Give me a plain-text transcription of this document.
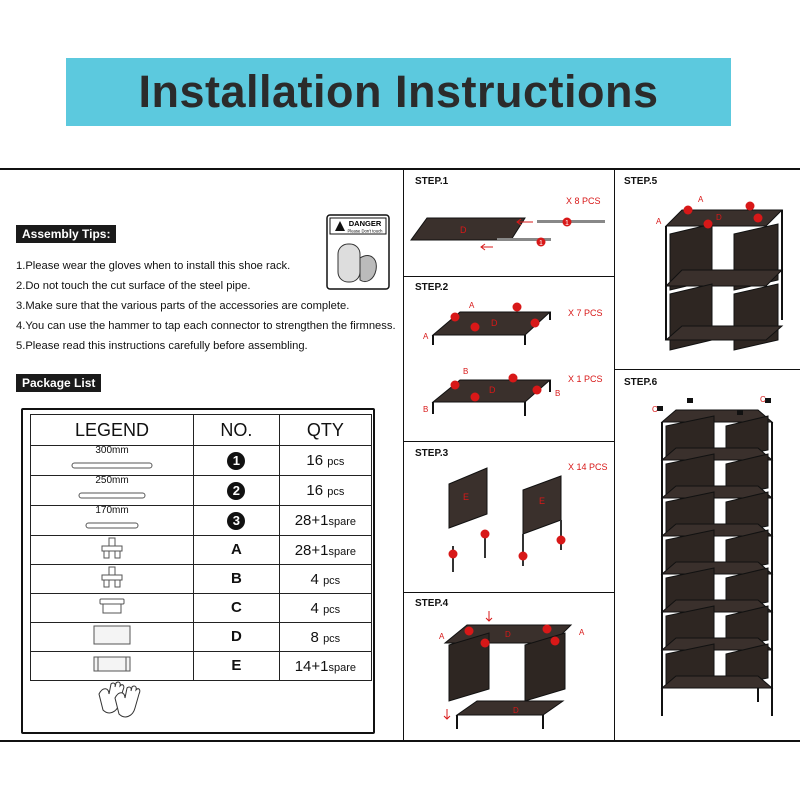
Installation Instructions
Assembly Tips:
1.Please wear the gloves when to install this shoe rack.
2.Do not touch the cut surface of the steel pipe.
3.Make sure that the various parts of the accessories are complete.
4.You can use the hammer to tap each connector to strengthen the firmness.
5.Please read this instructions carefully before assembling.
DANGER
Please Don't touch
Package List
LEGEND	NO.	QTY

300mm	1	16 pcs

250mm	2	16 pcs

170mm	3	28+1spare
	A	28+1spare
	B	4 pcs
	C	4 pcs
	D	8 pcs
	E	14+1spare
STEP.1
X 8 PCS
D
1
1
STEP.2
X 7 PCS
X 1 PCS
D
A
A
D
B
B
B
STEP.3
X 14 PCS
E	E
STEP.4
D
D
A	A
STEP.5
D
A
A
STEP.6
C
C
